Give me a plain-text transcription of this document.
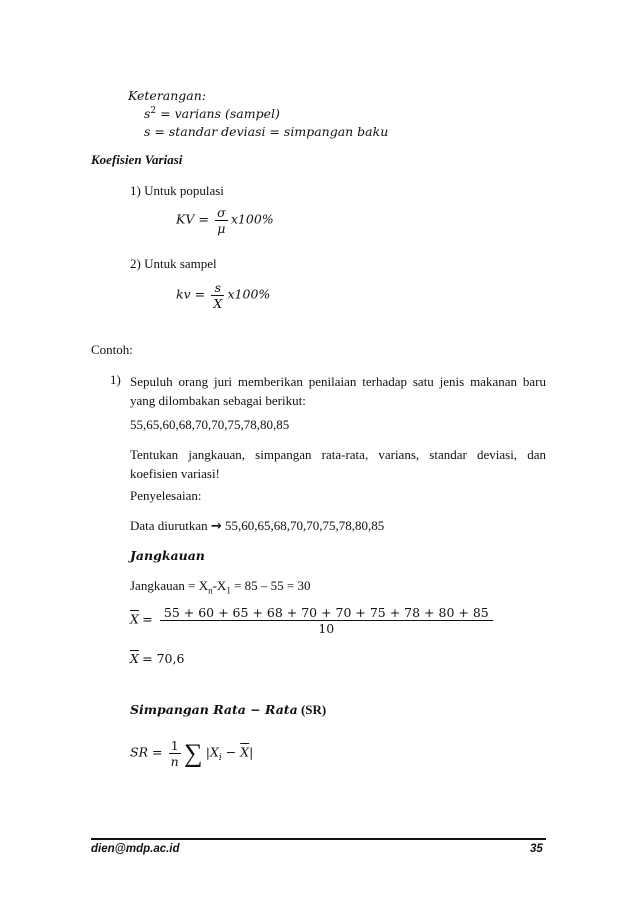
Keterangan:
$s^2$ = varians (sampel)
s = standar deviasi = simpangan baku
Koefisien Variasi
1) Untuk populasi
KV = $\frac{\sigma}{\mu} x100\%$
2) Untuk sampel
kv = $\frac{s}{X} x100\%$
Contoh:
1) Sepuluh orang juri memberikan penilaian terhadap satu jenis makanan baru yang dilombakan sebagai berikut:
55,65,60,68,70,70,75,78,80,85
Tentukan jangkauan, simpangan rata-rata, varians, standar deviasi, dan koefisien variasi!
Penyelesaian:
Data diurutkan → 55,60,65,68,70,70,75,78,80,85
Jangkauan
Jangkauan = $X_n-X_1 = 85 - 55 = 30$
$\overline{X} = \frac{55 + 60 + 65 + 68 + 70 + 70 + 75 + 78 + 80 + 85}{10}$
$\overline{X} = 70,6$
Simpangan Rata − Rata (SR)
SR = $\frac{1}{n}$ ∑ $|X_i - \overline{X}|$
dien@mdp.ac.id	35
